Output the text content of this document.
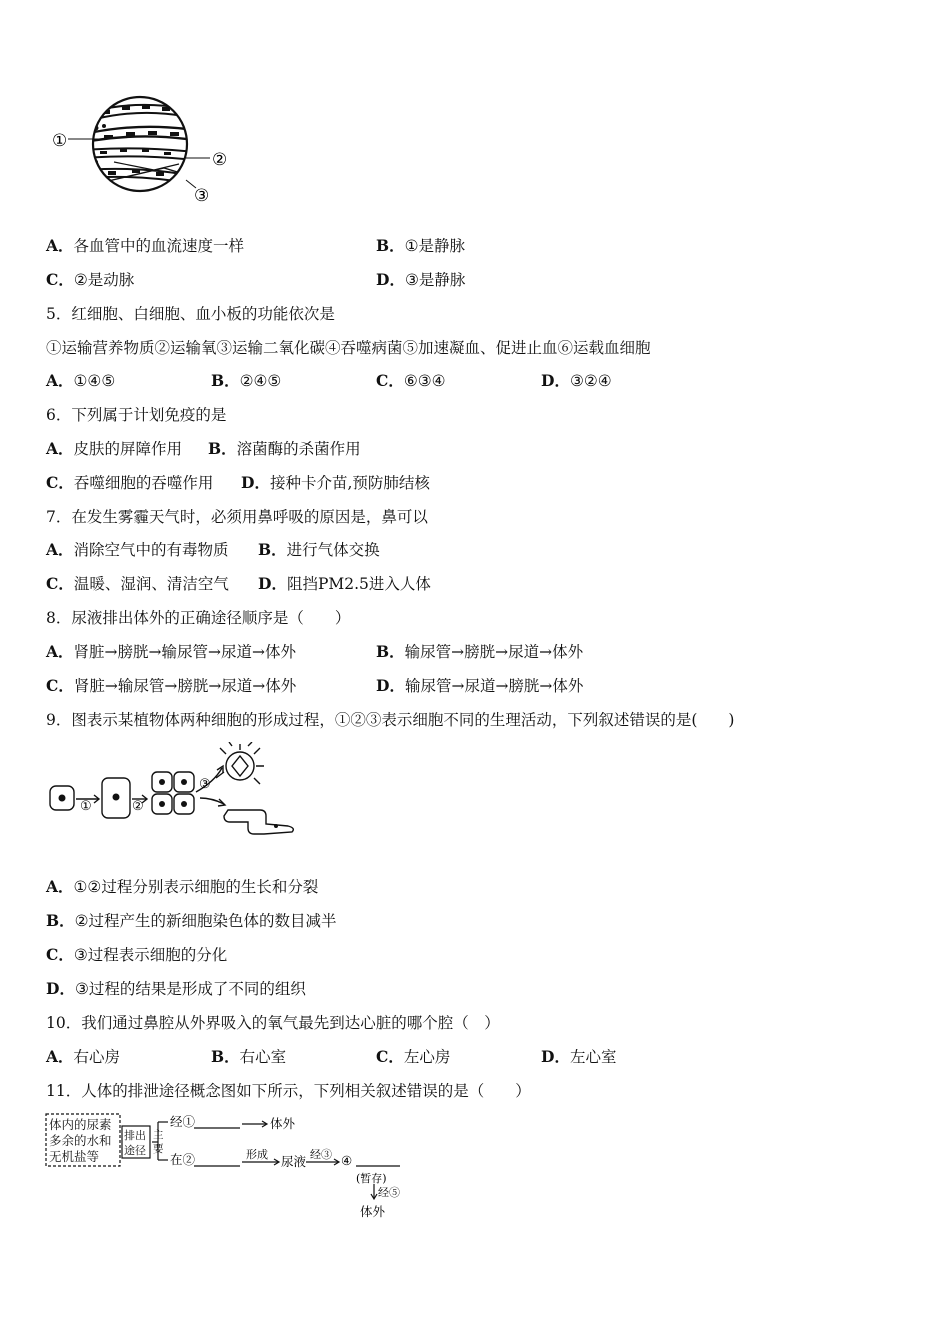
①
②
③
A．各血管中的血流速度一样	B．①是静脉
C．②是动脉	D．③是静脉
5．红细胞、白细胞、血小板的功能依次是
①运输营养物质②运输氧③运输二氧化碳④吞噬病菌⑤加速凝血、促进止血⑥运载血细胞
A．①④⑤	B．②④⑤	C．⑥③④	D．③②④
6．下列属于计划免疫的是
A．皮肤的屏障作用 B．溶菌酶的杀菌作用
C．吞噬细胞的吞噬作用 D．接种卡介苗,预防肺结核
7．在发生雾霾天气时，必须用鼻呼吸的原因是，鼻可以
A．消除空气中的有毒物质 B．进行气体交换
C．温暖、湿润、清洁空气 D．阻挡PM2.5进入人体
8．尿液排出体外的正确途径顺序是（　　）
A．肾脏→膀胱→输尿管→尿道→体外	B．输尿管→膀胱→尿道→体外
C．肾脏→输尿管→膀胱→尿道→体外	D．输尿管→尿道→膀胱→体外
9．图表示某植物体两种细胞的形成过程，①②③表示细胞不同的生理活动，下列叙述错误的是(　　)
①	②
③
A．①②过程分别表示细胞的生长和分裂
B．②过程产生的新细胞染色体的数目减半
C．③过程表示细胞的分化
D．③过程的结果是形成了不同的组织
10．我们通过鼻腔从外界吸入的氧气最先到达心脏的哪个腔（　）
A．右心房	B．右心室	C．左心房	D．左心室
11．人体的排泄途径概念图如下所示，下列相关叙述错误的是（　　）
体内的尿素 多余的水和 无机盐等
排出 途径
主 要
经①	体外
在②	形成 尿液 经③ ④
(暂存)
经⑤
体外
